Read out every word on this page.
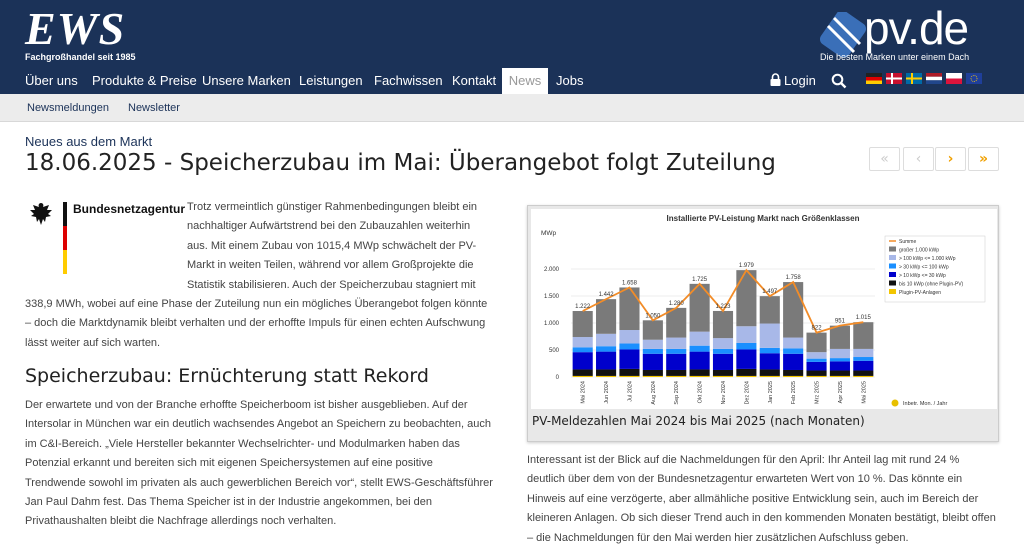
EWS
Fachgroßhandel seit 1985
pv.de
Die besten Marken unter einem Dach
Über uns Produkte & Preise Unsere Marken Leistungen Fachwissen Kontakt News	Jobs	Login
Newsmeldungen Newsletter
Neues aus dem Markt
18.06.2025 - Speicherzubau im Mai: Überangebot folgt Zuteilung	«	‹	›	»
Trotz vermeintlich günstiger Rahmenbedingungen bleibt ein nachhaltiger Aufwärtstrend bei den Zubauzahlen weiterhin aus. Mit einem Zubau von 1015,4 MWp schwächelt der PV-Markt in weiten Teilen, während vor allem Großprojekte die Statistik stabilisieren. Auch der Speicherzubau stagniert mit 338,9 MWh, wobei auf eine Phase der Zuteilung nun ein mögliches Überangebot folgen könnte – doch die Marktdynamik bleibt verhalten und der erhoffte Impuls für einen echten Aufschwung lässt weiter auf sich warten.
Bundesnetzagentur
Speicherzubau: Ernüchterung statt Rekord
Der erwartete und von der Branche erhoffte Speicherboom ist bisher ausgeblieben. Auf der Intersolar in München war ein deutlich wachsendes Angebot an Speichern zu beobachten, auch im C&I-Bereich. „Viele Hersteller bekannter Wechselrichter- und Modulmarken haben das Potenzial erkannt und bereiten sich mit eigenen Speichersystemen auf eine positive Trendwende sowohl im privaten als auch gewerblichen Bereich vor“, stellt EWS-Geschäftsführer Jan Paul Dahm fest. Das Thema Speicher ist in der Industrie angekommen, bei den Privathaushalten bleibt die Nachfrage allerdings noch verhalten.
Installierte PV-Leistung Markt nach Größenklassen
MWp
0
500
1.000
1.500
2.000
Mai 2024
1.222
Jun 2024
1.442
Jul 2024
1.658
Aug 2024
1.050
Sep 2024
1.280
Okt 2024
1.725
Nov 2024
1.223
Dez 2024
1.979
Jan 2025
1.497
Feb 2025
1.758
Mrz 2025
822
Apr 2025
951
Mai 2025
1.015
Summe
großer 1.000 kWp
> 100 kWp <= 1.000 kWp
> 30 kWp <= 100 kWp
> 10 kWp <= 30 kWp
bis 10 kWp (ohne Plugin-PV)
Plugin-PV-Anlagen
Inbetr. Mon. / Jahr
PV-Meldezahlen Mai 2024 bis Mai 2025 (nach Monaten)
Interessant ist der Blick auf die Nachmeldungen für den April: Ihr Anteil lag mit rund 24 % deutlich über dem von der Bundesnetzagentur erwarteten Wert von 10 %. Das könnte ein Hinweis auf eine verzögerte, aber allmähliche positive Entwicklung sein, auch im Bereich der kleineren Anlagen. Ob sich dieser Trend auch in den kommenden Monaten bestätigt, bleibt offen – die Nachmeldungen für den Mai werden hier zusätzlichen Aufschluss geben.
